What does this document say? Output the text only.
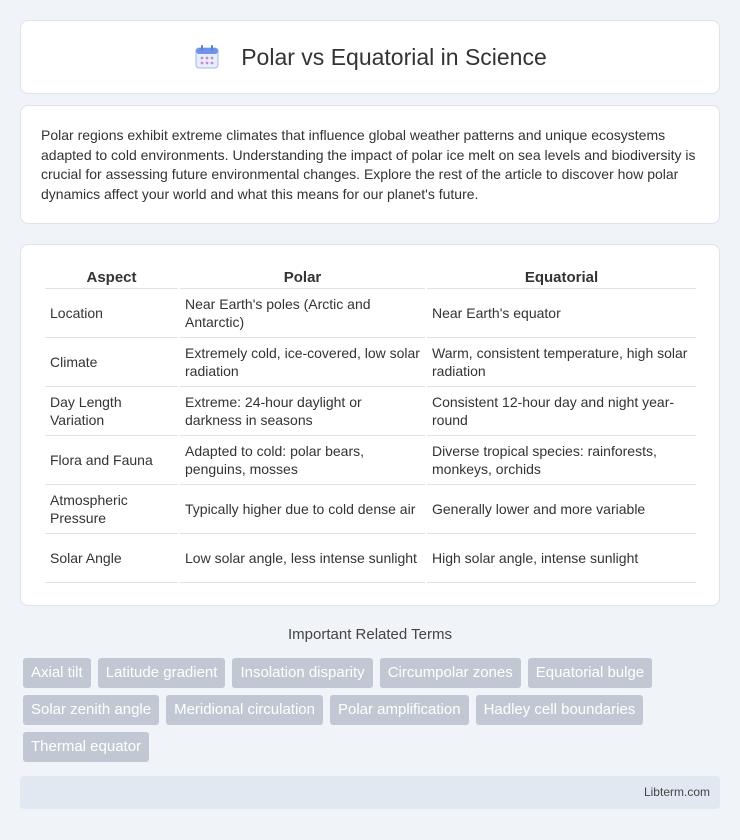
Polar vs Equatorial in Science

Polar regions exhibit extreme climates that influence global weather patterns and unique ecosystems adapted to cold environments. Understanding the impact of polar ice melt on sea levels and biodiversity is crucial for assessing future environmental changes. Explore the rest of the article to discover how polar dynamics affect your world and what this means for our planet's future.

Aspect	Polar	Equatorial
Location	Near Earth's poles (Arctic and Antarctic)	Near Earth's equator
Climate	Extremely cold, ice-covered, low solar radiation	Warm, consistent temperature, high solar radiation
Day Length Variation	Extreme: 24-hour daylight or darkness in seasons	Consistent 12-hour day and night year-round
Flora and Fauna	Adapted to cold: polar bears, penguins, mosses	Diverse tropical species: rainforests, monkeys, orchids
Atmospheric Pressure	Typically higher due to cold dense air	Generally lower and more variable
Solar Angle	Low solar angle, less intense sunlight	High solar angle, intense sunlight
Important Related Terms
Axial tilt	Latitude gradient	Insolation disparity	Circumpolar zones	Equatorial bulge
Solar zenith angle	Meridional circulation	Polar amplification	Hadley cell boundaries
Thermal equator
Libterm.com
